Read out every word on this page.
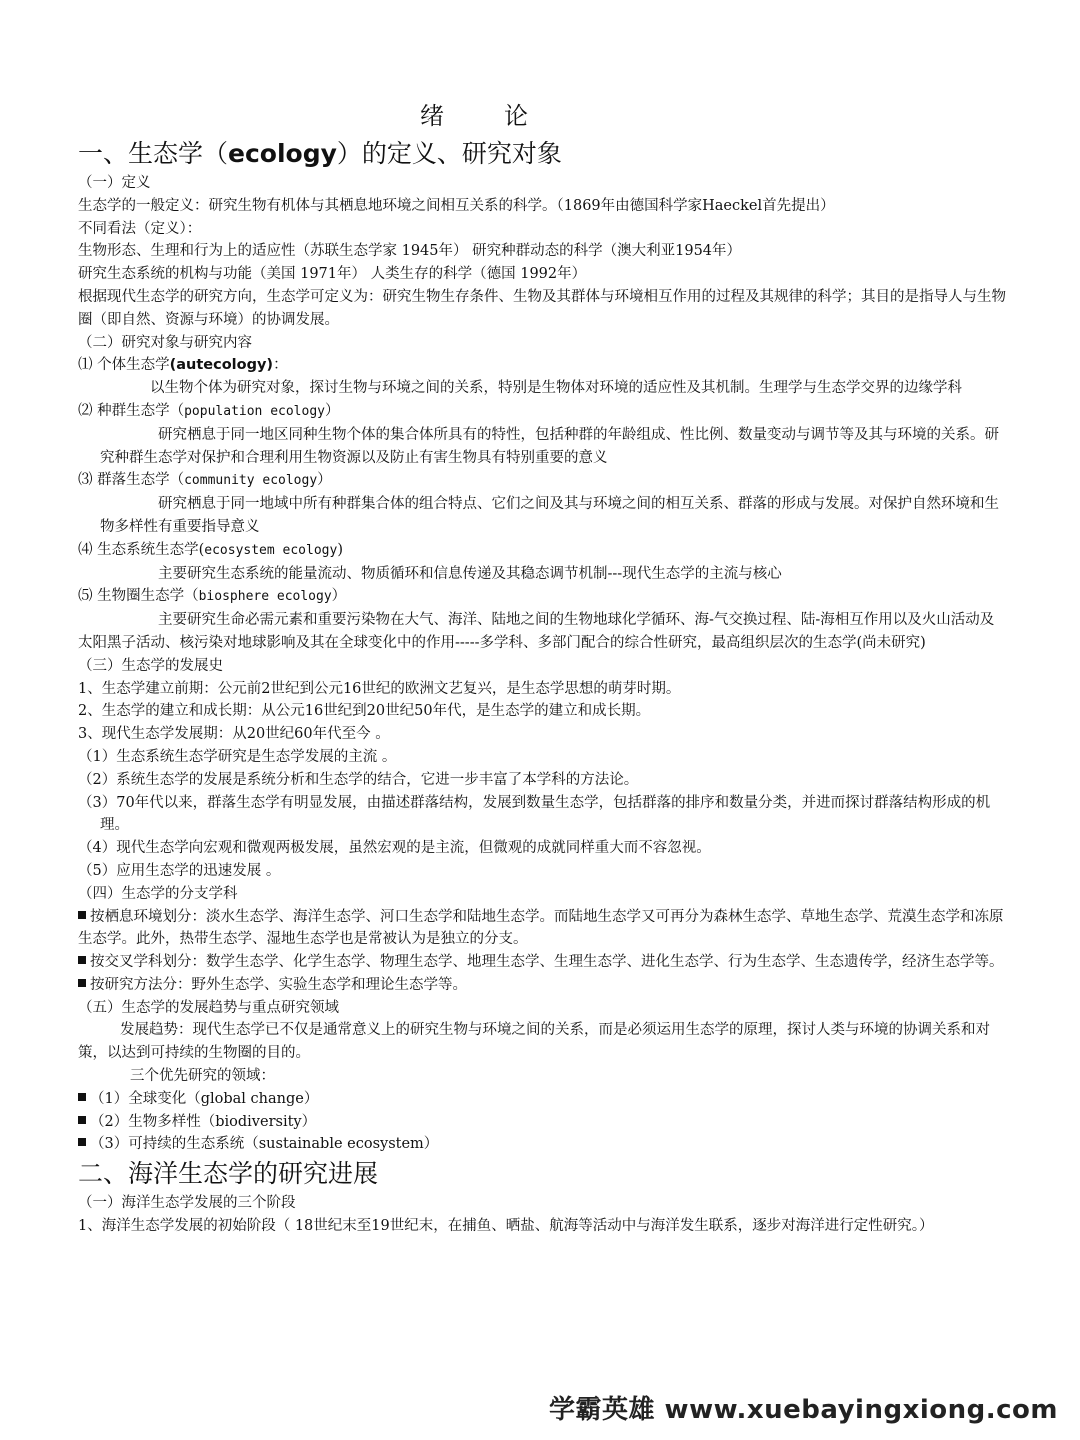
绪　论
一、生态学（ecology）的定义、研究对象

（一）定义

生态学的一般定义：研究生物有机体与其栖息地环境之间相互关系的科学。（1869年由德国科学家Haeckel首先提出）

不同看法（定义）：

生物形态、生理和行为上的适应性（苏联生态学家 1945年） 研究种群动态的科学（澳大利亚1954年）

研究生态系统的机构与功能（美国 1971年） 人类生存的科学（德国 1992年）

根据现代生态学的研究方向，生态学可定义为：研究生物生存条件、生物及其群体与环境相互作用的过程及其规律的科学；其目的是指导人与生物圈（即自然、资源与环境）的协调发展。

（二）研究对象与研究内容

⑴ 个体生态学(autecology)：

以生物个体为研究对象，探讨生物与环境之间的关系，特别是生物体对环境的适应性及其机制。生理学与生态学交界的边缘学科

⑵ 种群生态学（population ecology）

研究栖息于同一地区同种生物个体的集合体所具有的特性，包括种群的年龄组成、性比例、数量变动与调节等及其与环境的关系。研究种群生态学对保护和合理利用生物资源以及防止有害生物具有特别重要的意义

⑶ 群落生态学（community ecology）

研究栖息于同一地域中所有种群集合体的组合特点、它们之间及其与环境之间的相互关系、群落的形成与发展。对保护自然环境和生物多样性有重要指导意义

⑷ 生态系统生态学(ecosystem ecology)

主要研究生态系统的能量流动、物质循环和信息传递及其稳态调节机制---现代生态学的主流与核心

⑸ 生物圈生态学（biosphere ecology）

主要研究生命必需元素和重要污染物在大气、海洋、陆地之间的生物地球化学循环、海-气交换过程、陆-海相互作用以及火山活动及太阳黑子活动、核污染对地球影响及其在全球变化中的作用-----多学科、多部门配合的综合性研究，最高组织层次的生态学(尚未研究)

（三）生态学的发展史

1、生态学建立前期：公元前2世纪到公元16世纪的欧洲文艺复兴，是生态学思想的萌芽时期。

2、生态学的建立和成长期：从公元16世纪到20世纪50年代，是生态学的建立和成长期。

3、现代生态学发展期：从20世纪60年代至今 。

（1）生态系统生态学研究是生态学发展的主流 。

（2）系统生态学的发展是系统分析和生态学的结合，它进一步丰富了本学科的方法论。

（3）70年代以来，群落生态学有明显发展，由描述群落结构，发展到数量生态学，包括群落的排序和数量分类，并进而探讨群落结构形成的机理。

（4）现代生态学向宏观和微观两极发展，虽然宏观的是主流，但微观的成就同样重大而不容忽视。

（5）应用生态学的迅速发展 。

（四）生态学的分支学科

按栖息环境划分：淡水生态学、海洋生态学、河口生态学和陆地生态学。而陆地生态学又可再分为森林生态学、草地生态学、荒漠生态学和冻原生态学。此外，热带生态学、湿地生态学也是常被认为是独立的分支。

按交叉学科划分：数学生态学、化学生态学、物理生态学、地理生态学、生理生态学、进化生态学、行为生态学、生态遗传学，经济生态学等。

按研究方法分：野外生态学、实验生态学和理论生态学等。

（五）生态学的发展趋势与重点研究领域

发展趋势：现代生态学已不仅是通常意义上的研究生物与环境之间的关系，而是必须运用生态学的原理，探讨人类与环境的协调关系和对策，以达到可持续的生物圈的目的。

三个优先研究的领域：

（1）全球变化（global change）

（2）生物多样性（biodiversity）

（3）可持续的生态系统（sustainable ecosystem）

二、海洋生态学的研究进展

（一）海洋生态学发展的三个阶段

1、海洋生态学发展的初始阶段（ 18世纪末至19世纪末，在捕鱼、晒盐、航海等活动中与海洋发生联系，逐步对海洋进行定性研究。）

学霸英雄 www.xuebayingxiong.com
